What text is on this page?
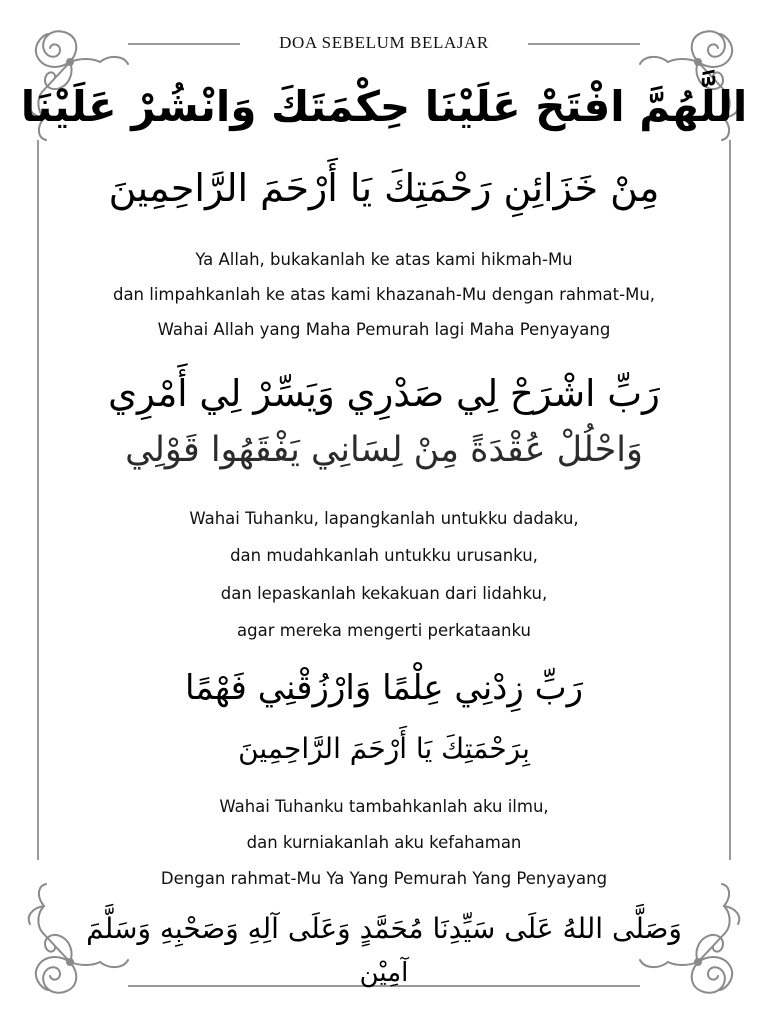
DOA SEBELUM BELAJAR
اللَّهُمَّ افْتَحْ عَلَيْنَا حِكْمَتَكَ وَانْشُرْ عَلَيْنَا
مِنْ خَزَائِنِ رَحْمَتِكَ يَا أَرْحَمَ الرَّاحِمِينَ
Ya Allah, bukakanlah ke atas kami hikmah-Mu
dan limpahkanlah ke atas kami khazanah-Mu dengan rahmat-Mu,
Wahai Allah yang Maha Pemurah lagi Maha Penyayang
رَبِّ اشْرَحْ لِي صَدْرِي وَيَسِّرْ لِي أَمْرِي
وَاحْلُلْ عُقْدَةً مِنْ لِسَانِي يَفْقَهُوا قَوْلِي
Wahai Tuhanku, lapangkanlah untukku dadaku,
dan mudahkanlah untukku urusanku,
dan lepaskanlah kekakuan dari lidahku,
agar mereka mengerti perkataanku
رَبِّ زِدْنِي عِلْمًا وَارْزُقْنِي فَهْمًا
بِرَحْمَتِكَ يَا أَرْحَمَ الرَّاحِمِينَ
Wahai Tuhanku tambahkanlah aku ilmu,
dan kurniakanlah aku kefahaman
Dengan rahmat-Mu Ya Yang Pemurah Yang Penyayang
وَصَلَّى اللهُ عَلَى سَيِّدِنَا مُحَمَّدٍ وَعَلَى آلِهِ وَصَحْبِهِ وَسَلَّمَ
آمِيْن
